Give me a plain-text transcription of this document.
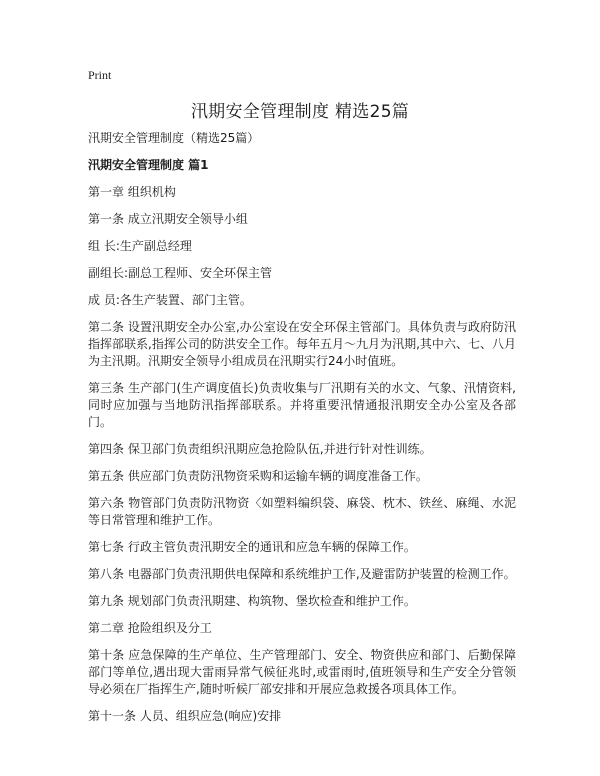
Print
汛期安全管理制度 精选25篇

汛期安全管理制度（精选25篇）

汛期安全管理制度 篇1

第一章 组织机构

第一条 成立汛期安全领导小组

组 长:生产副总经理

副组长:副总工程师、安全环保主管

成 员:各生产装置、部门主管。

第二条 设置汛期安全办公室,办公室设在安全环保主管部门。具体负责与政府防汛指挥部联系,指挥公司的防洪安全工作。每年五月～九月为汛期,其中六、七、八月为主汛期。汛期安全领导小组成员在汛期实行24小时值班。

第三条 生产部门(生产调度值长)负责收集与厂汛期有关的水文、气象、汛情资料,同时应加强与当地防汛指挥部联系。并将重要汛情通报汛期安全办公室及各部门。

第四条 保卫部门负责组织汛期应急抢险队伍,并进行针对性训练。

第五条 供应部门负责防汛物资采购和运输车辆的调度准备工作。

第六条 物管部门负责防汛物资〈如塑料编织袋、麻袋、枕木、铁丝、麻绳、水泥等日常管理和维护工作。

第七条 行政主管负责汛期安全的通讯和应急车辆的保障工作。

第八条 电器部门负责汛期供电保障和系统维护工作,及避雷防护装置的检测工作。

第九条 规划部门负责汛期建、构筑物、堡坎检查和维护工作。

第二章 抢险组织及分工

第十条 应急保障的生产单位、生产管理部门、安全、物资供应和部门、后勤保障部门等单位,遇出现大雷雨异常气候征兆时,或雷雨时,值班领导和生产安全分管领导必须在厂指挥生产,随时听候厂部安排和开展应急救援各项具体工作。

第十一条 人员、组织应急(响应)安排
